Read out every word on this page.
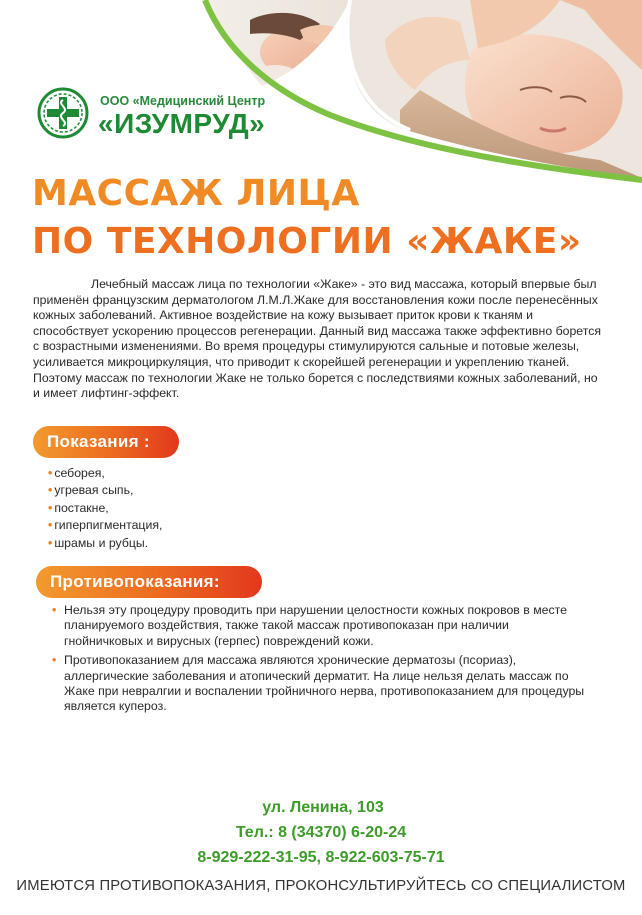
ООО «Медицинский Центр
«ИЗУМРУД»
МАССАЖ ЛИЦА
ПО ТЕХНОЛОГИИ «ЖАКЕ»
Лечебный массаж лица по технологии «Жаке» - это вид массажа, который впервые был
применён французским дерматологом Л.М.Л.Жаке для восстановления кожи после перенесённых
кожных заболеваний. Активное воздействие на кожу вызывает приток крови к тканям и
способствует ускорению процессов регенерации. Данный вид массажа также эффективно борется
с возрастными изменениями. Во время процедуры стимулируются сальные и потовые железы,
усиливается микроциркуляция, что приводит к скорейшей регенерации и укреплению тканей.
Поэтому массаж по технологии Жаке не только борется с последствиями кожных заболеваний, но
и имеет лифтинг-эффект.
Показания :
• себорея,
• угревая сыпь,
• постакне,
• гиперпигментация,
• шрамы и рубцы.
Противопоказания:
• Нельзя эту процедуру проводить при нарушении целостности кожных покровов в месте
планируемого воздействия, также такой массаж противопоказан при наличии
гнойничковых и вирусных (герпес) повреждений кожи.
• Противопоказанием для массажа являются хронические дерматозы (псориаз),
аллергические заболевания и атопический дерматит. На лице нельзя делать массаж по
Жаке при невралгии и воспалении тройничного нерва, противопоказанием для процедуры
является купероз.
ул. Ленина, 103
Тел.: 8 (34370) 6-20-24
8-929-222-31-95, 8-922-603-75-71
ИМЕЮТСЯ ПРОТИВОПОКАЗАНИЯ, ПРОКОНСУЛЬТИРУЙТЕСЬ СО СПЕЦИАЛИСТОМ
